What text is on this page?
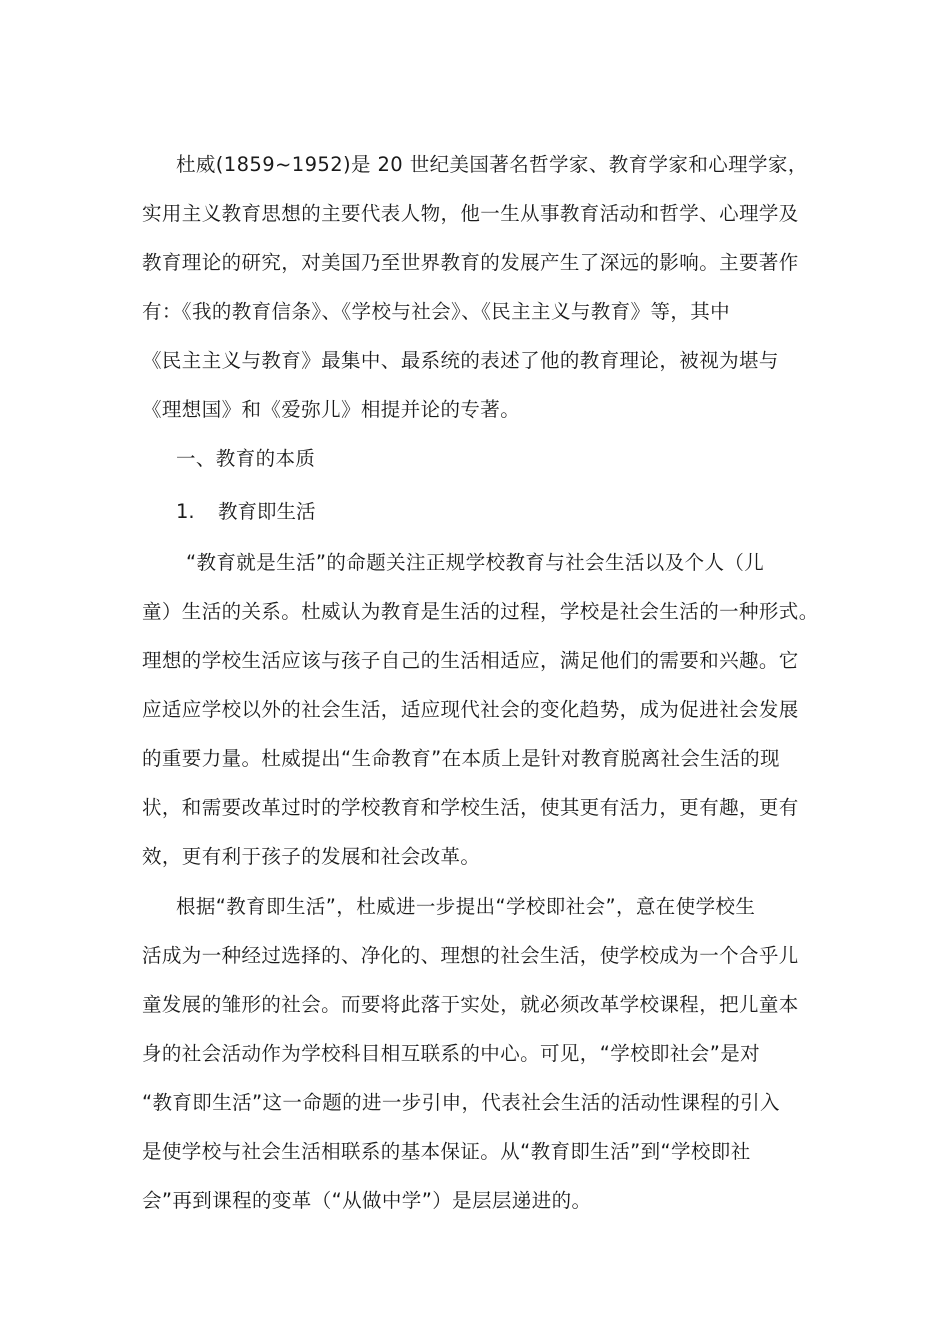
杜威(1859~1952)是 20 世纪美国著名哲学家、教育学家和心理学家，
实用主义教育思想的主要代表人物，他一生从事教育活动和哲学、心理学及
教育理论的研究，对美国乃至世界教育的发展产生了深远的影响。主要著作
有：《我的教育信条》、《学校与社会》、《民主主义与教育》等，其中
《民主主义与教育》最集中、最系统的表述了他的教育理论，被视为堪与
《理想国》和《爱弥儿》相提并论的专著。
一、教育的本质
1. 教育即生活
“教育就是生活”的命题关注正规学校教育与社会生活以及个人（儿
童）生活的关系。杜威认为教育是生活的过程，学校是社会生活的一种形式。
理想的学校生活应该与孩子自己的生活相适应，满足他们的需要和兴趣。它
应适应学校以外的社会生活，适应现代社会的变化趋势，成为促进社会发展
的重要力量。杜威提出“生命教育”在本质上是针对教育脱离社会生活的现
状，和需要改革过时的学校教育和学校生活，使其更有活力，更有趣，更有
效，更有利于孩子的发展和社会改革。
根据“教育即生活”，杜威进一步提出“学校即社会”，意在使学校生
活成为一种经过选择的、净化的、理想的社会生活，使学校成为一个合乎儿
童发展的雏形的社会。而要将此落于实处，就必须改革学校课程，把儿童本
身的社会活动作为学校科目相互联系的中心。可见，“学校即社会”是对
“教育即生活”这一命题的进一步引申，代表社会生活的活动性课程的引入
是使学校与社会生活相联系的基本保证。从“教育即生活”到“学校即社
会”再到课程的变革（“从做中学”）是层层递进的。
